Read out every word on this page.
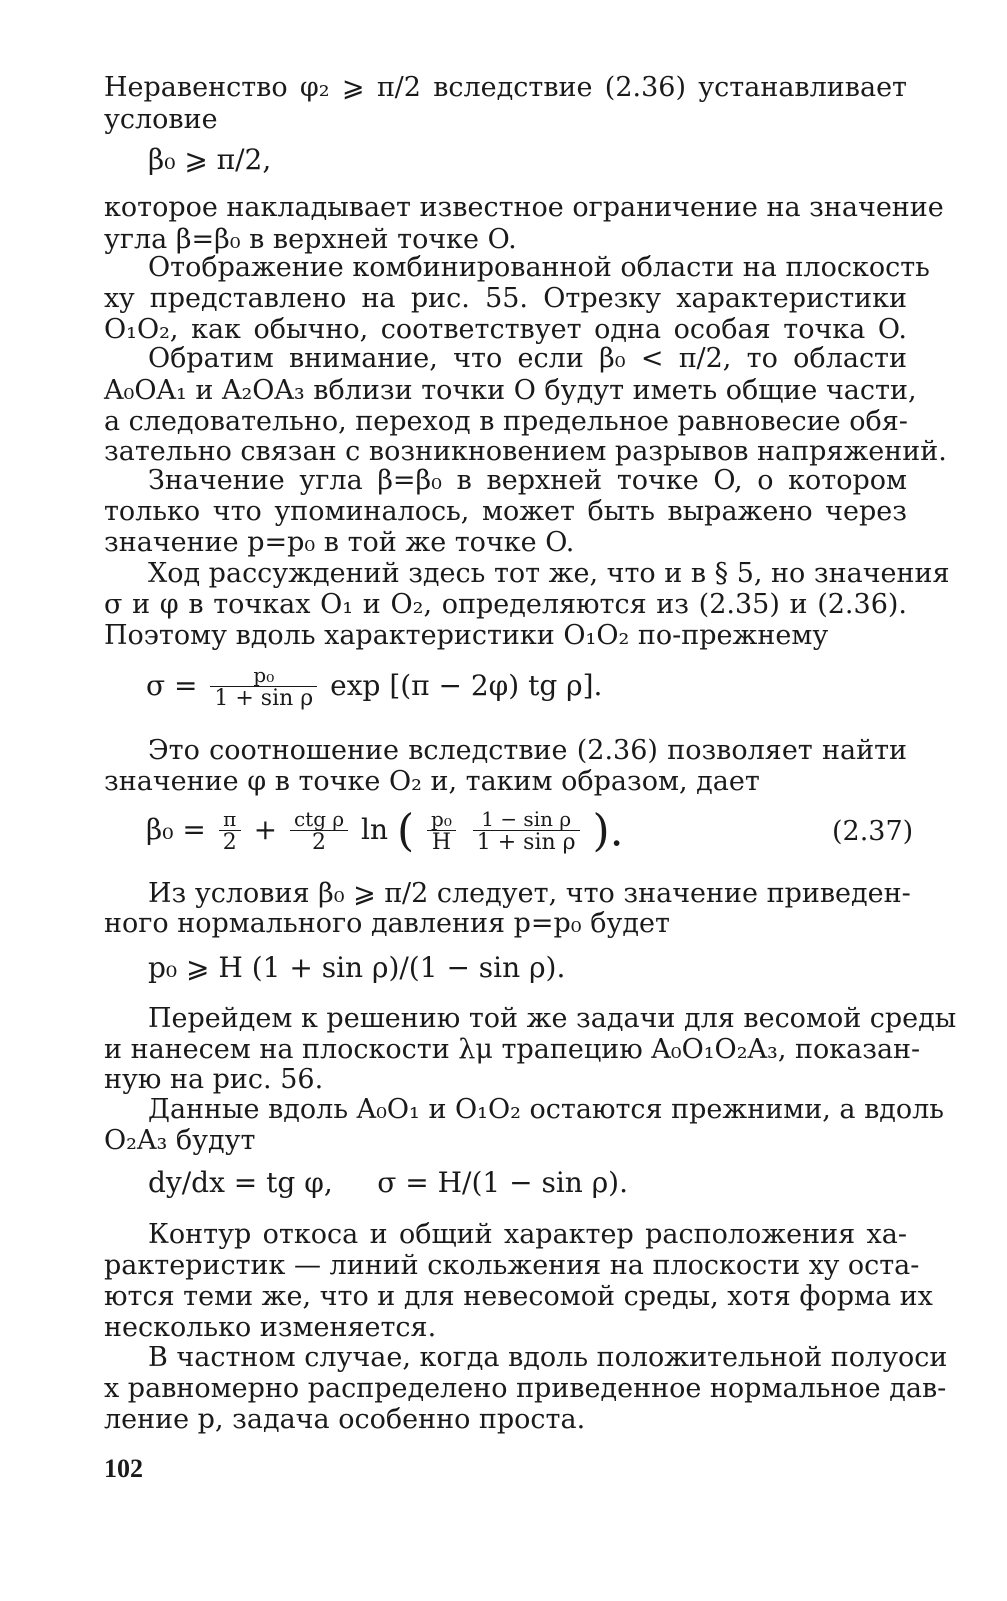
Неравенство φ₂ ⩾ π/2 вследствие (2.36) устанавливает
условие
β₀ ⩾ π/2,
которое накладывает известное ограничение на значение
угла β=β₀ в верхней точке O.
Отображение комбинированной области на плоскость
xy представлено на рис. 55. Отрезку характеристики
O₁O₂, как обычно, соответствует одна особая точка O.
Обратим внимание, что если β₀ < π/2, то области
A₀OA₁ и A₂OA₃ вблизи точки O будут иметь общие части,
а следовательно, переход в предельное равновесие обя-
зательно связан с возникновением разрывов напряжений.
Значение угла β=β₀ в верхней точке O, о котором
только что упоминалось, может быть выражено через
значение p=p₀ в той же точке O.
Ход рассуждений здесь тот же, что и в § 5, но значения
σ и φ в точках O₁ и O₂, определяются из (2.35) и (2.36).
Поэтому вдоль характеристики O₁O₂ по-прежнему
$\sigma = \frac{\text{p₀}}{\text{1 + sin ρ}}$ exp [(π − 2φ) tg ρ].
Это соотношение вследствие (2.36) позволяет найти
значение φ в точке O₂ и, таким образом, дает
$\beta_0 = \frac{\pi}{2} + \frac{\text{ctg ρ}}{2}$ ln ( $\frac{\text{p₀}}{H}$
$\frac{\text{1 − sin ρ}}{\text{1 + sin ρ}}$ ).	(2.37)
Из условия β₀ ⩾ π/2 следует, что значение приведен-
ного нормального давления p=p₀ будет
p₀ ⩾ H (1 + sin ρ)/(1 − sin ρ).
Перейдем к решению той же задачи для весомой среды
и нанесем на плоскости λμ трапецию A₀O₁O₂A₃, показан-
ную на рис. 56.
Данные вдоль A₀O₁ и O₁O₂ остаются прежними, а вдоль
O₂A₃ будут
dy/dx = tg φ,     σ = H/(1 − sin ρ).
Контур откоса и общий характер расположения ха-
рактеристик — линий скольжения на плоскости xy оста-
ются теми же, что и для невесомой среды, хотя форма их
несколько изменяется.
В частном случае, когда вдоль положительной полуоси
x равномерно распределено приведенное нормальное дав-
ление p, задача особенно проста.
102
